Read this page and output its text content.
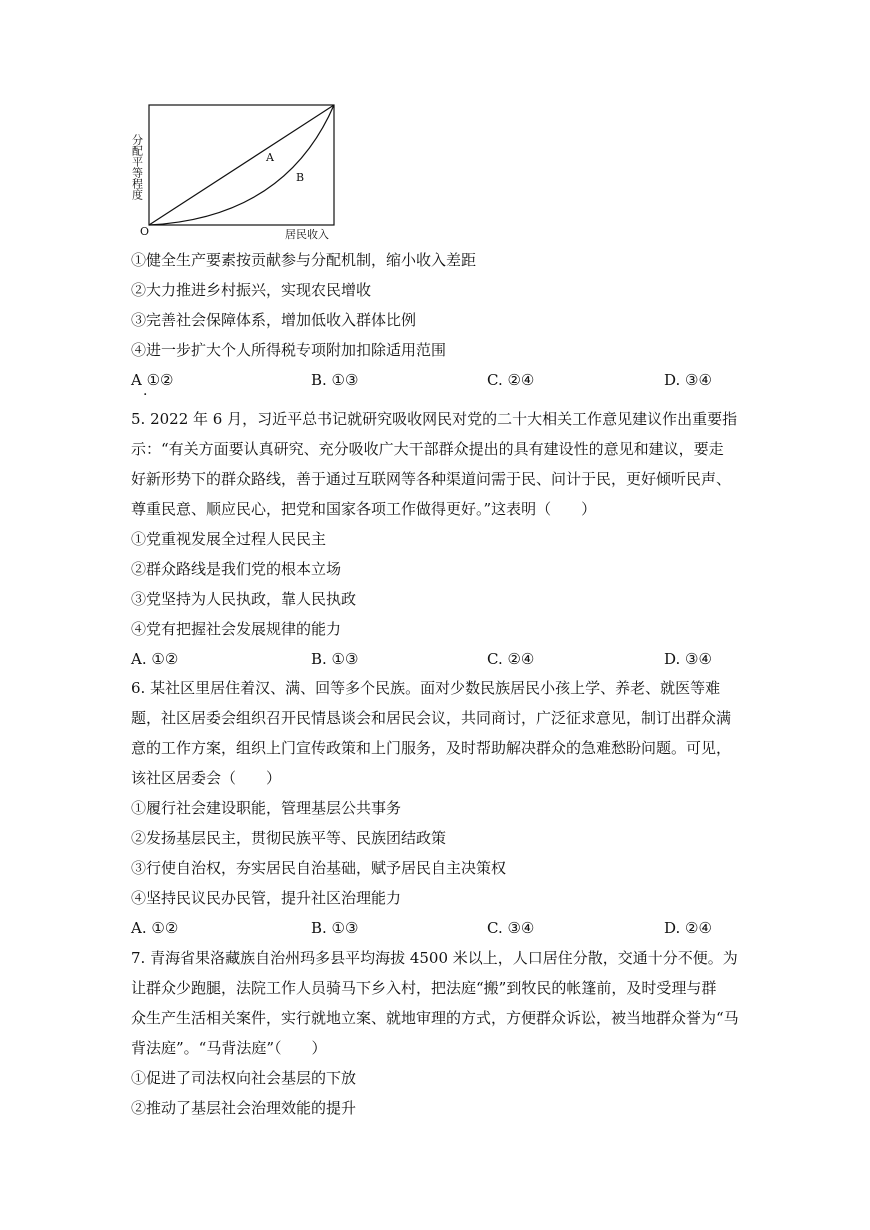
A
B
O	居民收入
分配平等程度
①健全生产要素按贡献参与分配机制，缩小收入差距
②大力推进乡村振兴，实现农民增收
③完善社会保障体系，增加低收入群体比例
④进一步扩大个人所得税专项附加扣除适用范围
A ①②
·
B. ①③	C. ②④	D. ③④
5. 2022 年 6 月，习近平总书记就研究吸收网民对党的二十大相关工作意见建议作出重要指
示：“有关方面要认真研究、充分吸收广大干部群众提出的具有建设性的意见和建议，要走
好新形势下的群众路线，善于通过互联网等各种渠道问需于民、问计于民，更好倾听民声、
尊重民意、顺应民心，把党和国家各项工作做得更好。”这表明（　　）
①党重视发展全过程人民民主
②群众路线是我们党的根本立场
③党坚持为人民执政，靠人民执政
④党有把握社会发展规律的能力
A. ①②	B. ①③	C. ②④	D. ③④
6. 某社区里居住着汉、满、回等多个民族。面对少数民族居民小孩上学、养老、就医等难
题，社区居委会组织召开民情恳谈会和居民会议，共同商讨，广泛征求意见，制订出群众满
意的工作方案，组织上门宣传政策和上门服务，及时帮助解决群众的急难愁盼问题。可见，
该社区居委会（　　）
①履行社会建设职能，管理基层公共事务
②发扬基层民主，贯彻民族平等、民族团结政策
③行使自治权，夯实居民自治基础，赋予居民自主决策权
④坚持民议民办民管，提升社区治理能力
A. ①②	B. ①③	C. ③④	D. ②④
7. 青海省果洛藏族自治州玛多县平均海拔 4500 米以上，人口居住分散，交通十分不便。为
让群众少跑腿，法院工作人员骑马下乡入村，把法庭“搬”到牧民的帐篷前，及时受理与群
众生产生活相关案件，实行就地立案、就地审理的方式，方便群众诉讼，被当地群众誉为“马
背法庭”。“马背法庭”（　　）
①促进了司法权向社会基层的下放
②推动了基层社会治理效能的提升
